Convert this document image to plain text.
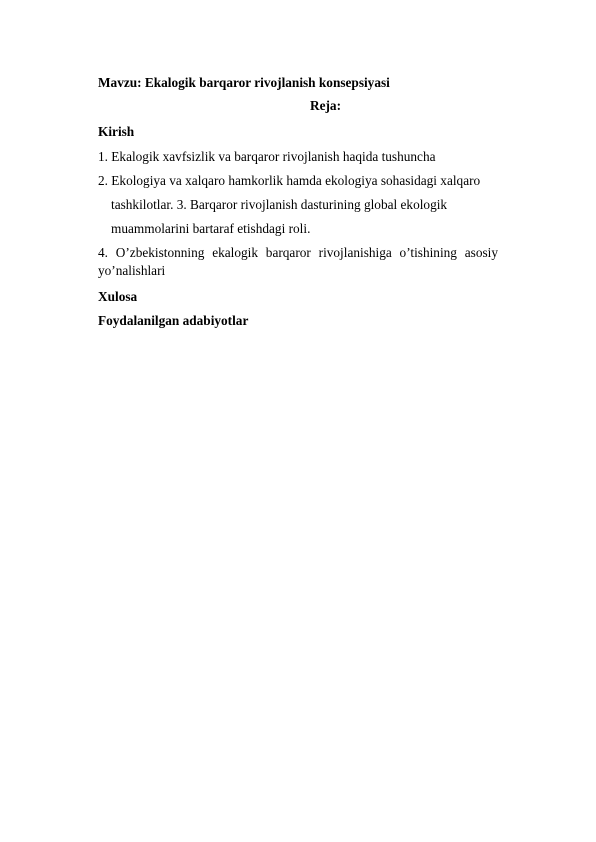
Mavzu: Ekalogik barqaror rivojlanish konsepsiyasi
Reja:
Kirish
1. Ekalogik xavfsizlik va barqaror rivojlanish haqida tushuncha
2. Ekologiya va xalqaro hamkorlik hamda ekologiya sohasidagi xalqaro
tashkilotlar. 3. Barqaror rivojlanish dasturining global ekologik
muammolarini bartaraf etishdagi roli.
4. O’zbekistonning ekalogik barqaror rivojlanishiga o’tishining asosiy
yo’nalishlari
Xulosa
Foydalanilgan adabiyotlar
